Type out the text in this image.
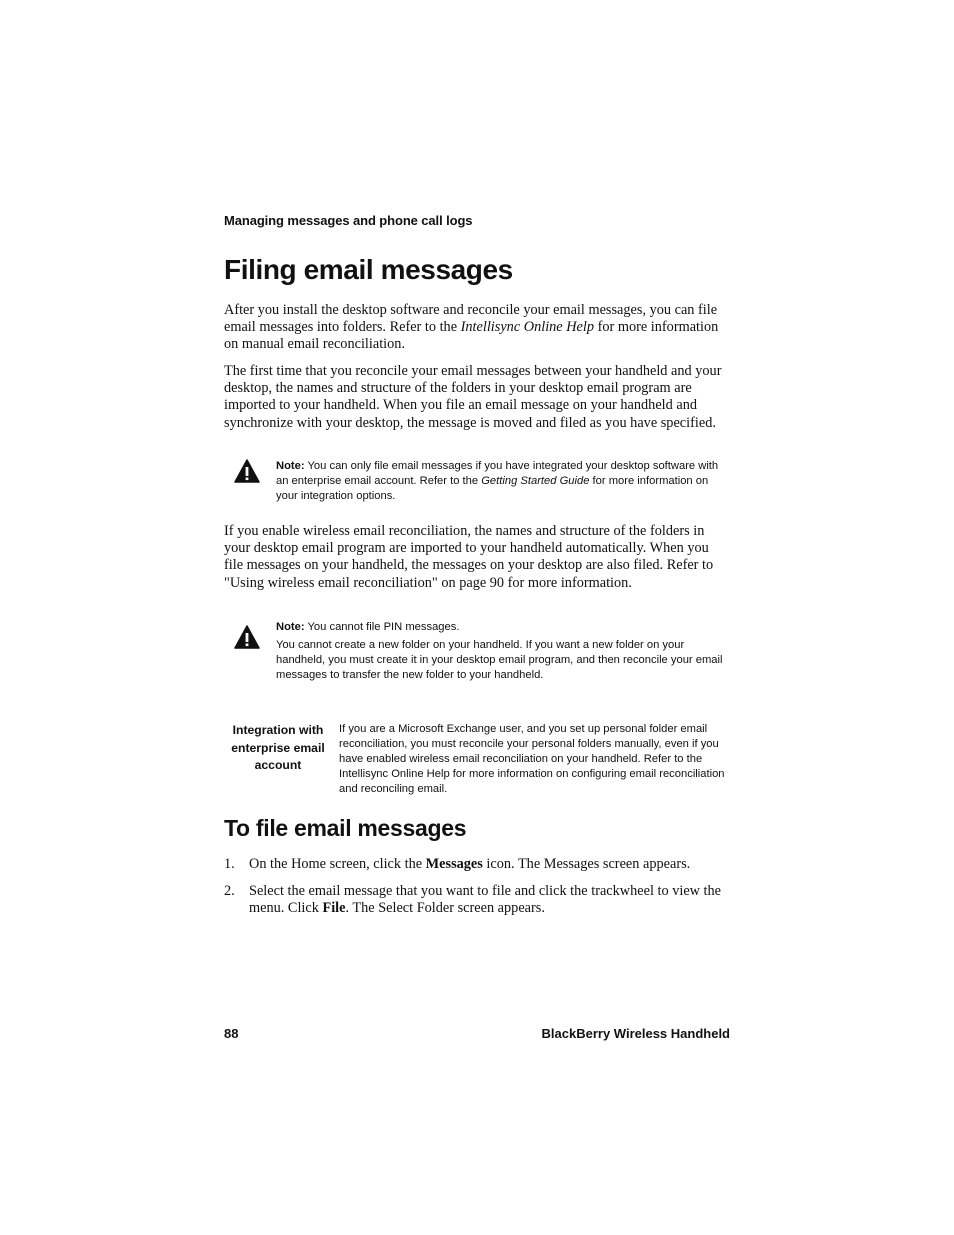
Managing messages and phone call logs
Filing email messages

After you install the desktop software and reconcile your email messages, you can file email messages into folders. Refer to the Intellisync Online Help for more information on manual email reconciliation.

The first time that you reconcile your email messages between your handheld and your desktop, the names and structure of the folders in your desktop email program are imported to your handheld. When you file an email message on your handheld and synchronize with your desktop, the message is moved and filed as you have specified.

Note: You can only file email messages if you have integrated your desktop software with an enterprise email account. Refer to the Getting Started Guide for more information on your integration options.

If you enable wireless email reconciliation, the names and structure of the folders in your desktop email program are imported to your handheld automatically. When you file messages on your handheld, the messages on your desktop are also filed. Refer to "Using wireless email reconciliation" on page 90 for more information.

Note: You cannot file PIN messages.

You cannot create a new folder on your handheld. If you want a new folder on your handheld, you must create it in your desktop email program, and then reconcile your email messages to transfer the new folder to your handheld.

Integration with enterprise email account
If you are a Microsoft Exchange user, and you set up personal folder email reconciliation, you must reconcile your personal folders manually, even if you have enabled wireless email reconciliation on your handheld. Refer to the Intellisync Online Help for more information on configuring email reconciliation and reconciling email.
To file email messages
1. On the Home screen, click the Messages icon. The Messages screen appears.
2. Select the email message that you want to file and click the trackwheel to view the menu. Click File. The Select Folder screen appears.
88	BlackBerry Wireless Handheld
